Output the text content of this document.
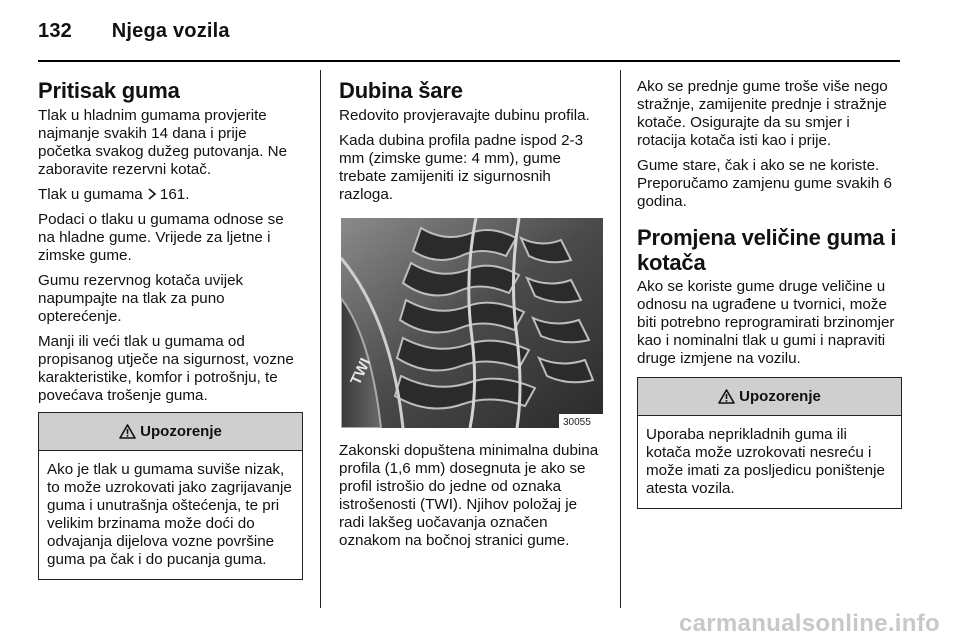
132 Njega vozila
Pritisak guma

Tlak u hladnim gumama provjerite najmanje svakih 14 dana i prije početka svakog dužeg putovanja. Ne zaboravite rezervni kotač.

Tlak u gumama 161.

Podaci o tlaku u gumama odnose se na hladne gume. Vrijede za ljetne i zimske gume.

Gumu rezervnog kotača uvijek napumpajte na tlak za puno opterećenje.

Manji ili veći tlak u gumama od propisanog utječe na sigurnost, vozne karakteristike, komfor i potrošnju, te povećava trošenje guma.

Upozorenje
Ako je tlak u gumama suviše nizak, to može uzrokovati jako zagrijavanje guma i unutrašnja oštećenja, te pri velikim brzinama može doći do odvajanja dijelova vozne površine guma pa čak i do pucanja guma.
Dubina šare

Redovito provjeravajte dubinu profila.

Kada dubina profila padne ispod 2-3 mm (zimske gume: 4 mm), gume trebate zamijeniti iz sigurnosnih razloga.

TWI
30055

Zakonski dopuštena minimalna dubina profila (1,6 mm) dosegnuta je ako se profil istrošio do jedne od oznaka istrošenosti (TWI). Njihov položaj je radi lakšeg uočavanja označen oznakom na bočnoj stranici gume.

Ako se prednje gume troše više nego stražnje, zamijenite prednje i stražnje kotače. Osigurajte da su smjer i rotacija kotača isti kao i prije.

Gume stare, čak i ako se ne koriste. Preporučamo zamjenu gume svakih 6 godina.

Promjena veličine guma i kotača

Ako se koriste gume druge veličine u odnosu na ugrađene u tvornici, može biti potrebno reprogramirati brzinomjer kao i nominalni tlak u gumi i napraviti druge izmjene na vozilu.

Upozorenje
Uporaba neprikladnih guma ili kotača može uzrokovati nesreću i može imati za posljedicu poništenje atesta vozila.
carmanualsonline.info
